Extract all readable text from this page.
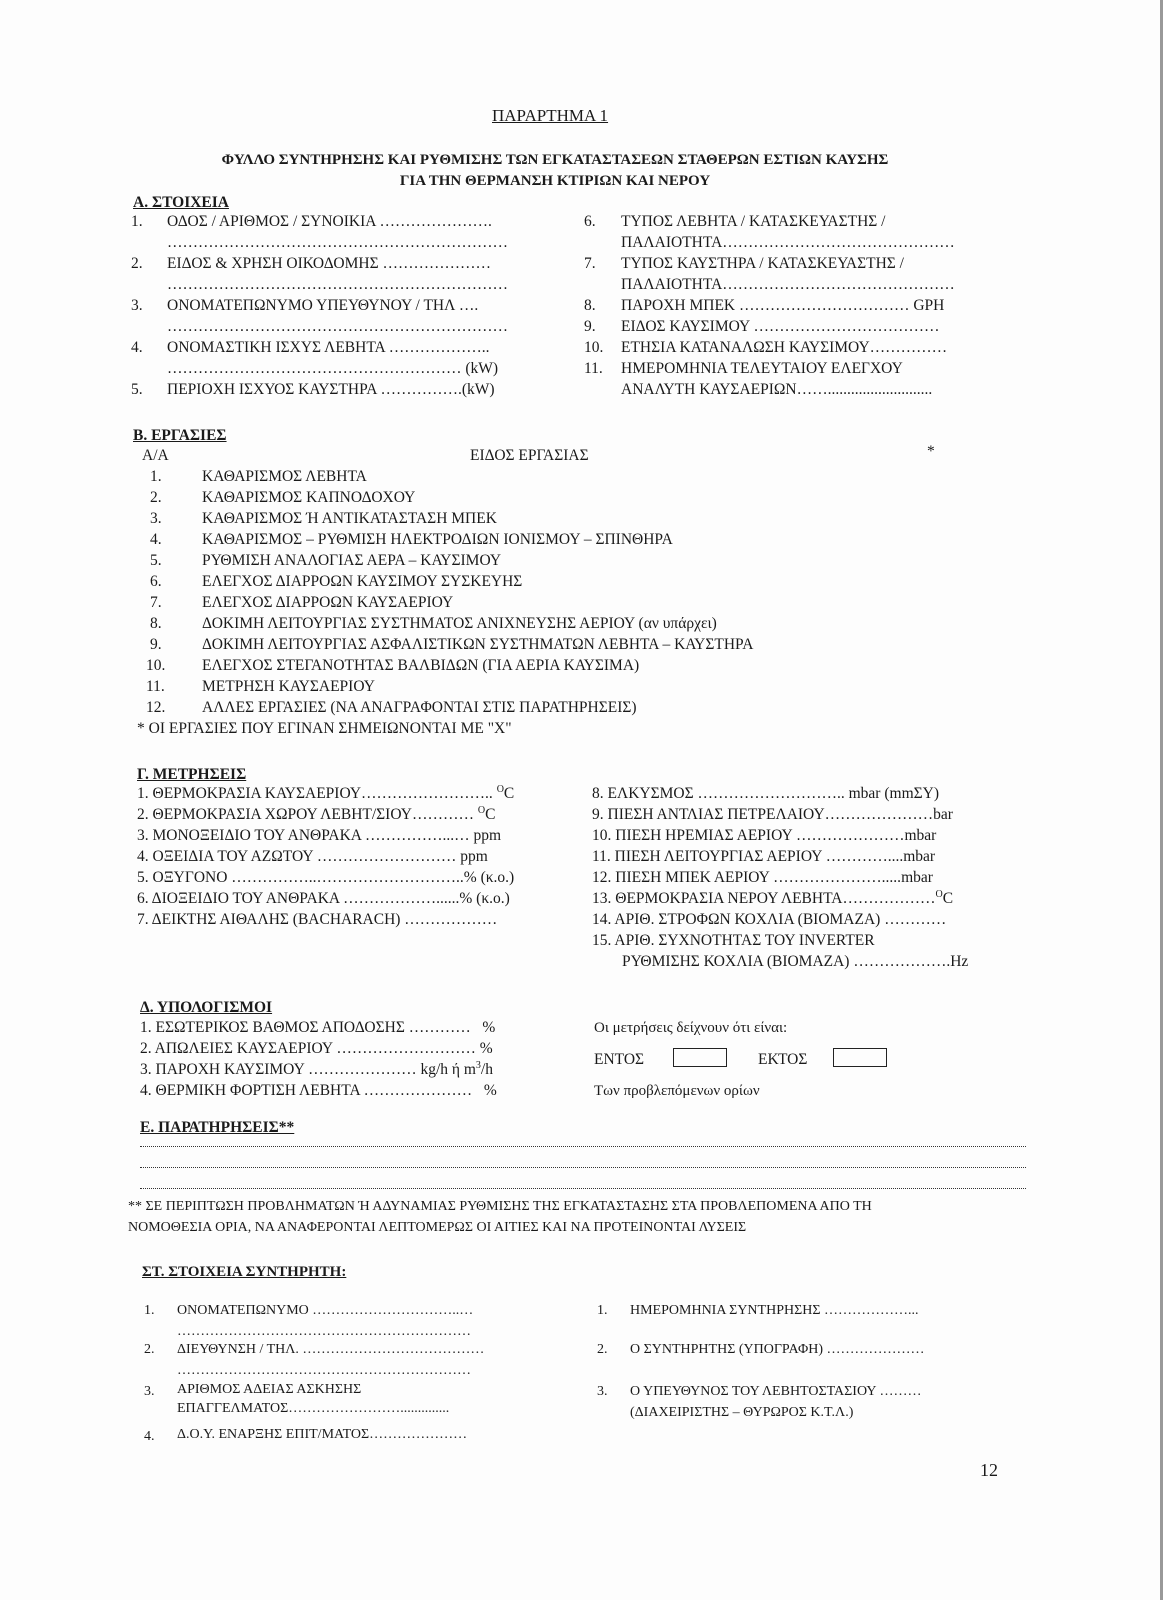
ΠΑΡΑΡΤΗΜΑ 1
ΦΥΛΛΟ ΣΥΝΤΗΡΗΣΗΣ ΚΑΙ ΡΥΘΜΙΣΗΣ ΤΩΝ ΕΓΚΑΤΑΣΤΑΣΕΩΝ ΣΤΑΘΕΡΩΝ ΕΣΤΙΩΝ ΚΑΥΣΗΣ
ΓΙΑ ΤΗΝ ΘΕΡΜΑΝΣΗ ΚΤΙΡΙΩΝ ΚΑΙ ΝΕΡΟΥ
Α. ΣΤΟΙΧΕΙΑ
1. ΟΔΟΣ / ΑΡΙΘΜΟΣ / ΣΥΝΟΙΚΙΑ ………………….
…………………………………………………………
2. ΕΙΔΟΣ & ΧΡΗΣΗ ΟΙΚΟΔΟΜΗΣ …………………
…………………………………………………………
3. ΟΝΟΜΑΤΕΠΩΝΥΜΟ ΥΠΕΥΘΥΝΟΥ / ΤΗΛ ….
…………………………………………………………
4. ΟΝΟΜΑΣΤΙΚΗ ΙΣΧΥΣ ΛΕΒΗΤΑ ………………..
………………………………………………… (kW)
5. ΠΕΡΙΟΧΗ ΙΣΧΥΟΣ ΚΑΥΣΤΗΡΑ …………….(kW)
6. ΤΥΠΟΣ ΛΕΒΗΤΑ / ΚΑΤΑΣΚΕΥΑΣΤΗΣ /
ΠΑΛΑΙΟΤΗΤΑ………………………………………
7. ΤΥΠΟΣ ΚΑΥΣΤΗΡΑ / ΚΑΤΑΣΚΕΥΑΣΤΗΣ /
ΠΑΛΑΙΟΤΗΤΑ………………………………………
8. ΠΑΡΟΧΗ ΜΠΕΚ …………………………… GPH
9. ΕΙΔΟΣ ΚΑΥΣΙΜΟΥ ………………………………
10. ΕΤΗΣΙΑ ΚΑΤΑΝΑΛΩΣΗ ΚΑΥΣΙΜΟΥ……………
11. ΗΜΕΡΟΜΗΝΙΑ ΤΕΛΕΥΤΑΙΟΥ ΕΛΕΓΧΟΥ
ΑΝΑΛΥΤΗ ΚΑΥΣΑΕΡΙΩΝ……...........................
Β. ΕΡΓΑΣΙΕΣ
Α/Α	ΕΙΔΟΣ ΕΡΓΑΣΙΑΣ	*
1.	ΚΑΘΑΡΙΣΜΟΣ ΛΕΒΗΤΑ
2.	ΚΑΘΑΡΙΣΜΟΣ ΚΑΠΝΟΔΟΧΟΥ
3.	ΚΑΘΑΡΙΣΜΟΣ Ή ΑΝΤΙΚΑΤΑΣΤΑΣΗ ΜΠΕΚ
4.	ΚΑΘΑΡΙΣΜΟΣ – ΡΥΘΜΙΣΗ ΗΛΕΚΤΡΟΔΙΩΝ ΙΟΝΙΣΜΟΥ – ΣΠΙΝΘΗΡΑ
5.	ΡΥΘΜΙΣΗ ΑΝΑΛΟΓΙΑΣ ΑΕΡΑ – ΚΑΥΣΙΜΟΥ
6.	ΕΛΕΓΧΟΣ ΔΙΑΡΡΟΩΝ ΚΑΥΣΙΜΟΥ ΣΥΣΚΕΥΗΣ
7.	ΕΛΕΓΧΟΣ ΔΙΑΡΡΟΩΝ ΚΑΥΣΑΕΡΙΟΥ
8.	ΔΟΚΙΜΗ ΛΕΙΤΟΥΡΓΙΑΣ ΣΥΣΤΗΜΑΤΟΣ ΑΝΙΧΝΕΥΣΗΣ ΑΕΡΙΟΥ (αν υπάρχει)
9.	ΔΟΚΙΜΗ ΛΕΙΤΟΥΡΓΙΑΣ ΑΣΦΑΛΙΣΤΙΚΩΝ ΣΥΣΤΗΜΑΤΩΝ ΛΕΒΗΤΑ – ΚΑΥΣΤΗΡΑ
10. ΕΛΕΓΧΟΣ ΣΤΕΓΑΝΟΤΗΤΑΣ ΒΑΛΒΙΔΩΝ (ΓΙΑ ΑΕΡΙΑ ΚΑΥΣΙΜΑ)
11. ΜΕΤΡΗΣΗ ΚΑΥΣΑΕΡΙΟΥ
12. ΑΛΛΕΣ ΕΡΓΑΣΙΕΣ (ΝΑ ΑΝΑΓΡΑΦΟΝΤΑΙ ΣΤΙΣ ΠΑΡΑΤΗΡΗΣΕΙΣ)
* ΟΙ ΕΡΓΑΣΙΕΣ ΠΟΥ ΕΓΙΝΑΝ ΣΗΜΕΙΩΝΟΝΤΑΙ ΜΕ "Χ"
Γ. ΜΕΤΡΗΣΕΙΣ
1. ΘΕΡΜΟΚΡΑΣΙΑ ΚΑΥΣΑΕΡΙΟΥ…………………….. $^O$C
2. ΘΕΡΜΟΚΡΑΣΙΑ ΧΩΡΟΥ ΛΕΒΗΤ/ΣΙΟΥ………… $^O$C
3. ΜΟΝΟΞΕΙΔΙΟ ΤΟΥ ΑΝΘΡΑΚΑ ……………...… ppm
4. ΟΞΕΙΔΙΑ ΤΟΥ ΑΖΩΤΟΥ ……………………… ppm
5. ΟΞΥΓΟΝΟ ……………..………………………..% (κ.ο.)
6. ΔΙΟΞΕΙΔΙΟ ΤΟΥ ΑΝΘΡΑΚΑ ………………......% (κ.ο.)
7. ΔΕΙΚΤΗΣ ΑΙΘΑΛΗΣ (BACHARACH) ………………
8. ΕΛΚΥΣΜΟΣ ……………………….. mbar (mmΣΥ)
9. ΠΙΕΣΗ ΑΝΤΛΙΑΣ ΠΕΤΡΕΛΑΙΟΥ…………………bar
10. ΠΙΕΣΗ ΗΡΕΜΙΑΣ ΑΕΡΙΟΥ …………………mbar
11. ΠΙΕΣΗ ΛΕΙΤΟΥΡΓΙΑΣ ΑΕΡΙΟΥ …………....mbar
12. ΠΙΕΣΗ ΜΠΕΚ ΑΕΡΙΟΥ ………………….....mbar
13. ΘΕΡΜΟΚΡΑΣΙΑ ΝΕΡΟΥ ΛΕΒΗΤΑ………………$^O$C
14. ΑΡΙΘ. ΣΤΡΟΦΩΝ ΚΟΧΛΙΑ (ΒΙΟΜΑΖΑ) …………
15. ΑΡΙΘ. ΣΥΧΝΟΤΗΤΑΣ ΤΟΥ INVERTER
ΡΥΘΜΙΣΗΣ ΚΟΧΛΙΑ (ΒΙΟΜΑΖΑ) ……………….Hz
Δ. ΥΠΟΛΟΓΙΣΜΟΙ
1. ΕΣΩΤΕΡΙΚΟΣ ΒΑΘΜΟΣ ΑΠΟΔΟΣΗΣ ………… %
2. ΑΠΩΛΕΙΕΣ ΚΑΥΣΑΕΡΙΟΥ ……………………… %
3. ΠΑΡΟΧΗ ΚΑΥΣΙΜΟΥ ………………… kg/h ή $m^3/h$
4. ΘΕΡΜΙΚΗ ΦΟΡΤΙΣΗ ΛΕΒΗΤΑ ………………… %
Οι μετρήσεις δείχνουν ότι είναι:
ΕΝΤΟΣ	ΕΚΤΟΣ
Των προβλεπόμενων ορίων
Ε. ΠΑΡΑΤΗΡΗΣΕΙΣ**
** ΣΕ ΠΕΡΙΠΤΩΣΗ ΠΡΟΒΛΗΜΑΤΩΝ Ή ΑΔΥΝΑΜΙΑΣ ΡΥΘΜΙΣΗΣ ΤΗΣ ΕΓΚΑΤΑΣΤΑΣΗΣ ΣΤΑ ΠΡΟΒΛΕΠΟΜΕΝΑ ΑΠΟ ΤΗ
ΝΟΜΟΘΕΣΙΑ ΟΡΙΑ, ΝΑ ΑΝΑΦΕΡΟΝΤΑΙ ΛΕΠΤΟΜΕΡΩΣ ΟΙ ΑΙΤΙΕΣ ΚΑΙ ΝΑ ΠΡΟΤΕΙΝΟΝΤΑΙ ΛΥΣΕΙΣ
ΣΤ. ΣΤΟΙΧΕΙΑ ΣΥΝΤΗΡΗΤΗ:
1. ΟΝΟΜΑΤΕΠΩΝΥΜΟ …………………………..…
………………………………………………………
2. ΔΙΕΥΘΥΝΣΗ / ΤΗΛ. …………………………………
………………………………………………………
3. ΑΡΙΘΜΟΣ ΑΔΕΙΑΣ ΑΣΚΗΣΗΣ
ΕΠΑΓΓΕΛΜΑΤΟΣ……………………..............
4. Δ.Ο.Υ. ΕΝΑΡΞΗΣ ΕΠΙΤ/ΜΑΤΟΣ…………………
1. ΗΜΕΡΟΜΗΝΙΑ ΣΥΝΤΗΡΗΣΗΣ ………………...
2. Ο ΣΥΝΤΗΡΗΤΗΣ (ΥΠΟΓΡΑΦΗ) …………………
3. Ο ΥΠΕΥΘΥΝΟΣ ΤΟΥ ΛΕΒΗΤΟΣΤΑΣΙΟΥ ………
(ΔΙΑΧΕΙΡΙΣΤΗΣ – ΘΥΡΩΡΟΣ Κ.Τ.Λ.)
12
